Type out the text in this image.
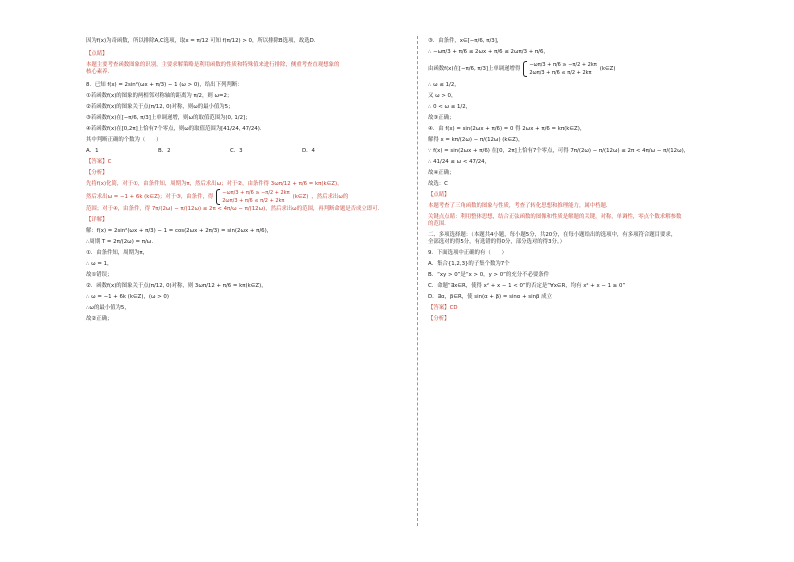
因为f(x)为奇函数，所以排除A,C选项，取x = π/12 可知 f(π/12) > 0，所以排除B选项，故选D.

【点睛】

本题主要考查函数图象的识别，主要求解策略是利用函数的性质和特殊值来进行排除，侧重考查直观想象的

核心素养.

8．已知 f(x) = 2sin²(ωx + π/3) − 1 (ω > 0)，给出下列判断：

①若函数f(x)的图象的两相邻对称轴的距离为 π/2，则 ω=2；

②若函数f(x)的图象关于点(π/12, 0)对称，则ω的最小值为5；

③若函数f(x)在[−π/6, π/3]上单调递增，则ω的取值范围为(0, 1/2]；

④若函数f(x)在[0,2π]上恰有7个零点，则ω的取值范围为[41/24, 47/24).

其中判断正确的个数为（　　）

A．1	B．2	C．3	D．4

【答案】C

【分析】

先将f(x)化简，对于①，由条件知，周期为π，然后求出ω；对于②，由条件得 3ωπ/12 + π/6 = kπ(k∈Z)，

然后求出ω = −1 + 6k (k∈Z)；对于③，由条件，得
−ωπ/3 + π/6 ≥ −π/2 + 2kπ
2ωπ/3 + π/6 ≤ π/2 + 2kπ
(k∈Z) ，然后求出ω的

范围；对于④，由条件，得 7π/(2ω) − π/(12ω) ≤ 2π < 4π/ω − π/(12ω)，然后求出ω的范围，再判断命题是否成立即可.

【详解】

解：f(x) = 2sin²(ωx + π/3) − 1 = cos(2ωx + 2π/3) = sin(2ωx + π/6)，

∴周期 T = 2π/(2ω) = π/ω.

①．由条件知，周期为π，

∴ ω = 1，

故①错误；

②．函数f(x)的图象关于点(π/12, 0)对称，则 3ωπ/12 + π/6 = kπ(k∈Z)，

∴ ω = −1 + 6k (k∈Z)，(ω > 0)

∴ω的最小值为5，

故②正确；

③．由条件，x∈[−π/6, π/3]，

∴ −ωπ/3 + π/6 ≤ 2ωx + π/6 ≤ 2ωπ/3 + π/6，

由函数f(x)在[−π/6, π/3]上单调递增得
−ωπ/3 + π/6 ≥ −π/2 + 2kπ
2ωπ/3 + π/6 ≤ π/2 + 2kπ
(k∈Z)

∴ ω ≤ 1/2，

又 ω > 0，

∴ 0 < ω ≤ 1/2，

故③正确；

④．由 f(x) = sin(2ωx + π/6) = 0 得 2ωx + π/6 = kπ(k∈Z)，

解得 x = kπ/(2ω) − π/(12ω) (k∈Z)，

∵ f(x) = sin(2ωx + π/6) 在[0，2π]上恰有7个零点，可得 7π/(2ω) − π/(12ω) ≤ 2π < 4π/ω − π/(12ω)，

∴ 41/24 ≤ ω < 47/24，

故④正确；

故选：C

【点睛】

本题考查了三角函数的图象与性质，考查了转化思想和推理能力，属中档题.

关键点点睛：利用整体思想，结合正弦函数的图像和性质是解题的关键，对称，单调性，零点个数求解参数

的范围.

二、多项选择题：（本题共4小题，每小题5分，共20分，在每小题给出的选项中，有多项符合题目要求，

全部选对的得5分，有选错的得0分，部分选对的得3分。）

9．下面选项中正确的有（　　）

A．集合{1,2,3}的子集个数为7个

B．“xy > 0”是“x > 0，y > 0”的充分不必要条件

C．命题“∃x∈R，使得 x² + x − 1 < 0”的否定是“∀x∈R，均有 x² + x − 1 ≥ 0”

D．∃α，β∈R，使 sin(α + β) = sinα + sinβ 成立

【答案】CD

【分析】
